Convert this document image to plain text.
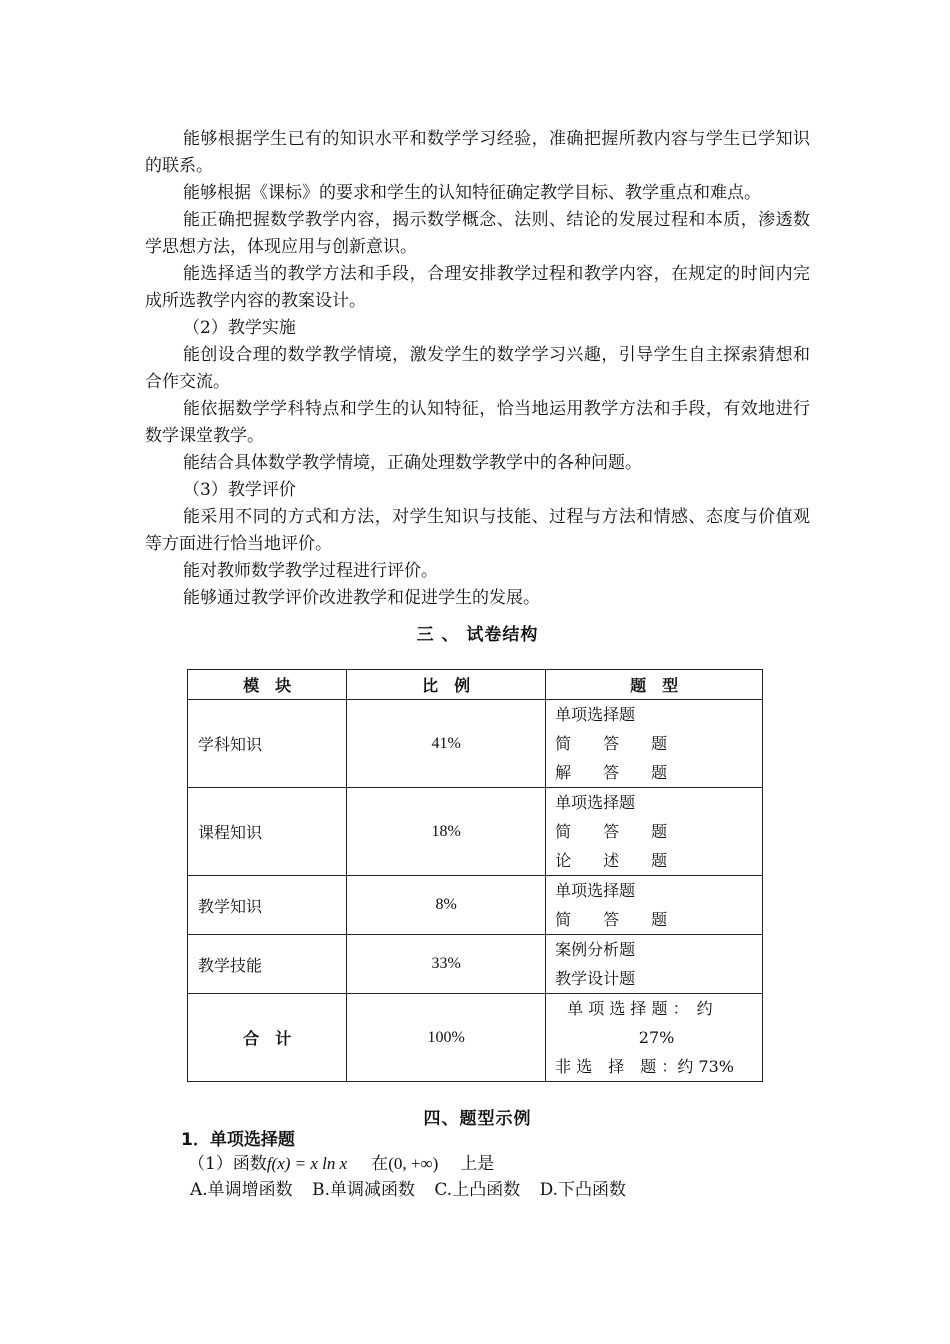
能够根据学生已有的知识水平和数学学习经验，准确把握所教内容与学生已学知识的联系。

能够根据《课标》的要求和学生的认知特征确定教学目标、教学重点和难点。

能正确把握数学教学内容，揭示数学概念、法则、结论的发展过程和本质，渗透数学思想方法，体现应用与创新意识。

能选择适当的教学方法和手段，合理安排教学过程和教学内容，在规定的时间内完成所选教学内容的教案设计。

（2）教学实施

能创设合理的数学教学情境，激发学生的数学学习兴趣，引导学生自主探索猜想和合作交流。

能依据数学学科特点和学生的认知特征，恰当地运用教学方法和手段，有效地进行数学课堂教学。

能结合具体数学教学情境，正确处理数学教学中的各种问题。

（3）教学评价

能采用不同的方式和方法，对学生知识与技能、过程与方法和情感、态度与价值观等方面进行恰当地评价。

能对教师数学教学过程进行评价。

能够通过教学评价改进教学和促进学生的发展。

三 、 试卷结构
模　块	比　例	题　型
学科知识	41%	单项选择题
简　　答　　题
解　　答　　题

课程知识	18%	单项选择题
简　　答　　题
论　　述　　题

教学知识	8%	单项选择题
简　　答　　题

教学技能	33%	案例分析题
教学设计题

合　计	100%	单 项 选 择 题 ：　约
27%
非 选　择　题 ：约 73%
四、题型示例
1．单项选择题
（1）函数f(x) = x ln x 在(0, +∞) 上是
A.单调增函数 B.单调减函数 C.上凸函数 D.下凸函数
